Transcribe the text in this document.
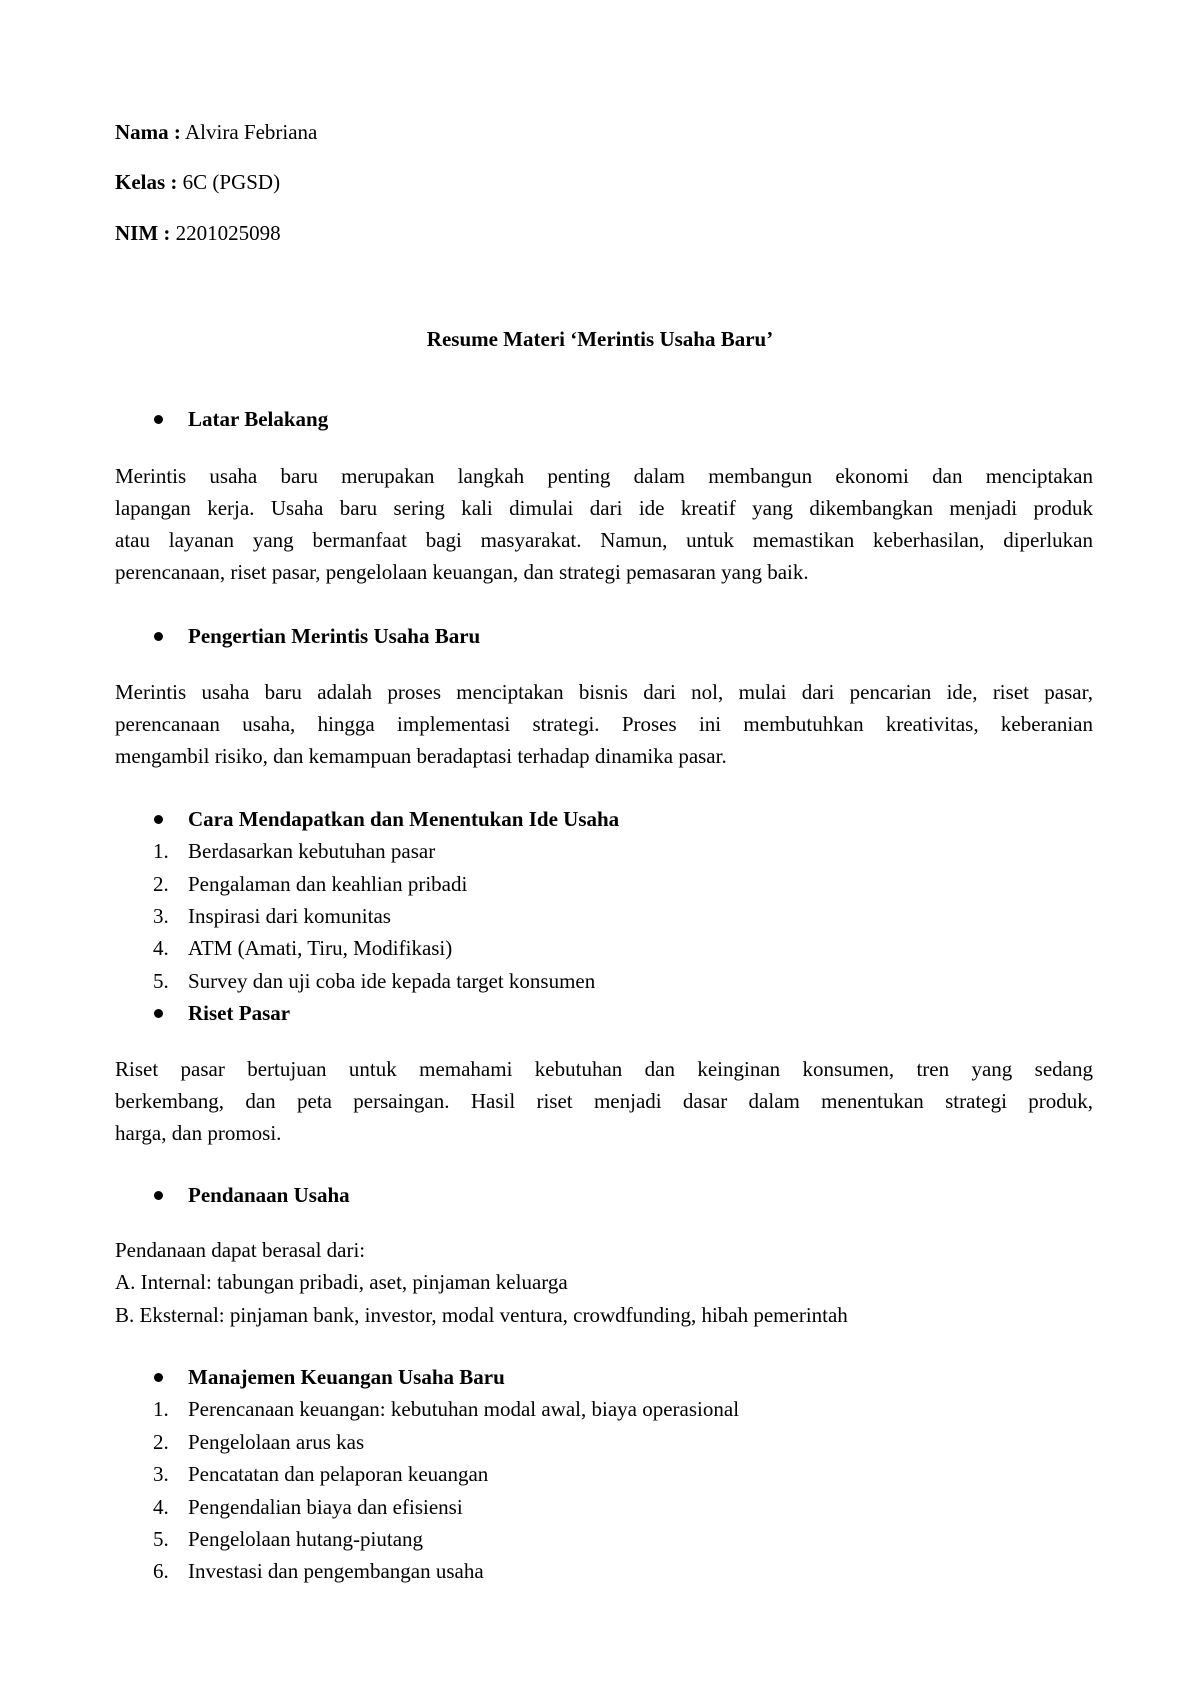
Nama : Alvira Febriana
Kelas : 6C (PGSD)
NIM : 2201025098
Resume Materi ‘Merintis Usaha Baru’
Latar Belakang
Merintis usaha baru merupakan langkah penting dalam membangun ekonomi dan menciptakan
lapangan kerja. Usaha baru sering kali dimulai dari ide kreatif yang dikembangkan menjadi produk
atau layanan yang bermanfaat bagi masyarakat. Namun, untuk memastikan keberhasilan, diperlukan
perencanaan, riset pasar, pengelolaan keuangan, dan strategi pemasaran yang baik.
Pengertian Merintis Usaha Baru
Merintis usaha baru adalah proses menciptakan bisnis dari nol, mulai dari pencarian ide, riset pasar,
perencanaan usaha, hingga implementasi strategi. Proses ini membutuhkan kreativitas, keberanian
mengambil risiko, dan kemampuan beradaptasi terhadap dinamika pasar.
Cara Mendapatkan dan Menentukan Ide Usaha
1. Berdasarkan kebutuhan pasar
2. Pengalaman dan keahlian pribadi
3. Inspirasi dari komunitas
4. ATM (Amati, Tiru, Modifikasi)
5. Survey dan uji coba ide kepada target konsumen
Riset Pasar
Riset pasar bertujuan untuk memahami kebutuhan dan keinginan konsumen, tren yang sedang
berkembang, dan peta persaingan. Hasil riset menjadi dasar dalam menentukan strategi produk,
harga, dan promosi.
Pendanaan Usaha
Pendanaan dapat berasal dari:
A. Internal: tabungan pribadi, aset, pinjaman keluarga
B. Eksternal: pinjaman bank, investor, modal ventura, crowdfunding, hibah pemerintah
Manajemen Keuangan Usaha Baru
1. Perencanaan keuangan: kebutuhan modal awal, biaya operasional
2. Pengelolaan arus kas
3. Pencatatan dan pelaporan keuangan
4. Pengendalian biaya dan efisiensi
5. Pengelolaan hutang-piutang
6. Investasi dan pengembangan usaha
